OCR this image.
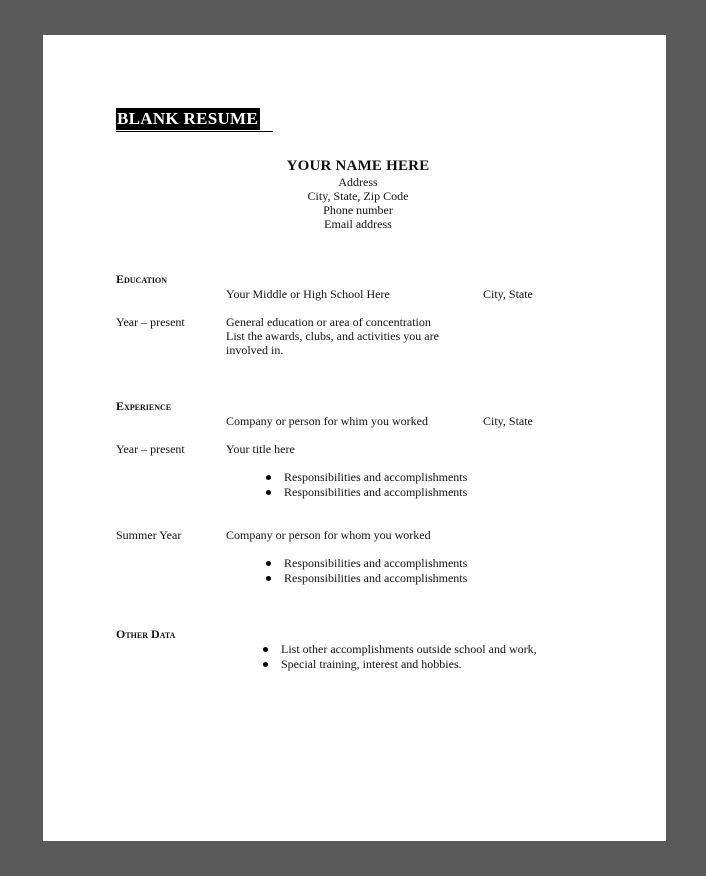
BLANK RESUME
YOUR NAME HERE
Address
City, State, Zip Code
Phone number
Email address
Education
Your Middle or High School Here	City, State
Year – present	General education or area of concentration
List the awards, clubs, and activities you are
involved in.
Experience
Company or person for whim you worked	City, State
Year – present	Your title here
Responsibilities and accomplishments
Responsibilities and accomplishments
Summer Year	Company or person for whom you worked
Responsibilities and accomplishments
Responsibilities and accomplishments
Other Data
List other accomplishments outside school and work,
Special training, interest and hobbies.
